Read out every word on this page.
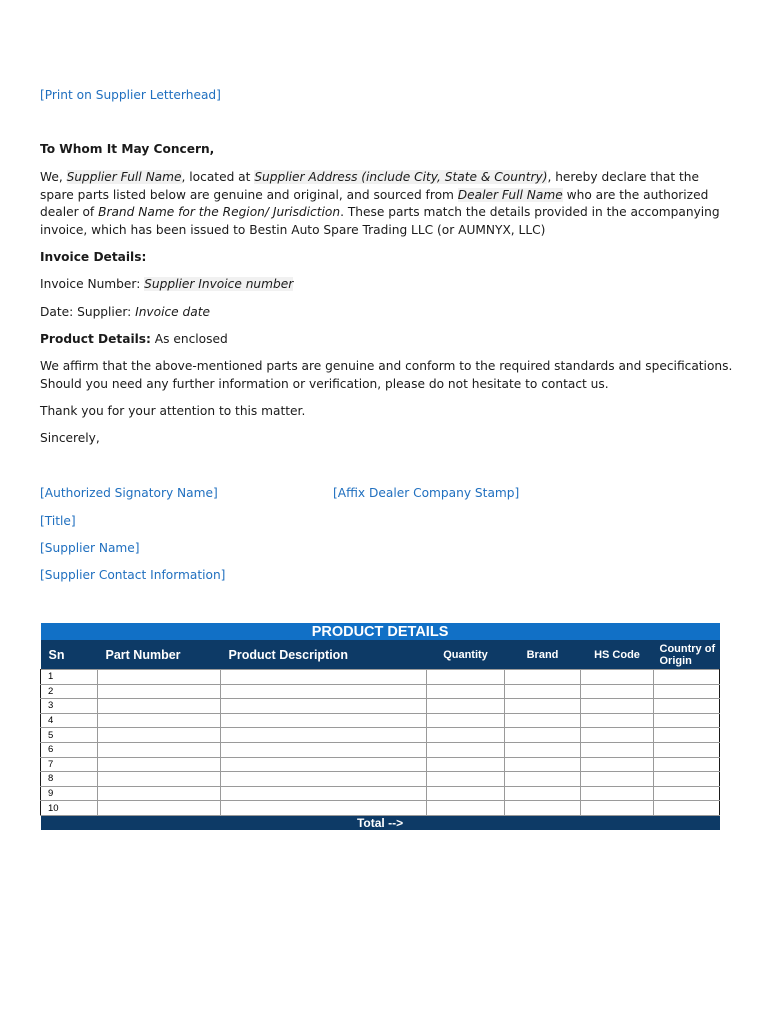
[Print on Supplier Letterhead]

To Whom It May Concern,

We, Supplier Full Name, located at Supplier Address (include City, State & Country), hereby declare that the spare parts listed below are genuine and original, and sourced from Dealer Full Name who are the authorized dealer of Brand Name for the Region/ Jurisdiction. These parts match the details provided in the accompanying invoice, which has been issued to Bestin Auto Spare Trading LLC (or AUMNYX, LLC)

Invoice Details:

Invoice Number: Supplier Invoice number

Date: Supplier: Invoice date

Product Details: As enclosed

We affirm that the above-mentioned parts are genuine and conform to the required standards and specifications. Should you need any further information or verification, please do not hesitate to contact us.

Thank you for your attention to this matter.

Sincerely,

[Authorized Signatory Name]	[Affix Dealer Company Stamp]

[Title]

[Supplier Name]

[Supplier Contact Information]

PRODUCT DETAILS						
Sn	Part Number	Product Description	Quantity	Brand	HS Code	Country of Origin
1						
2						
3						
4						
5						
6						
7						
8						
9						
10						
Total -->						
